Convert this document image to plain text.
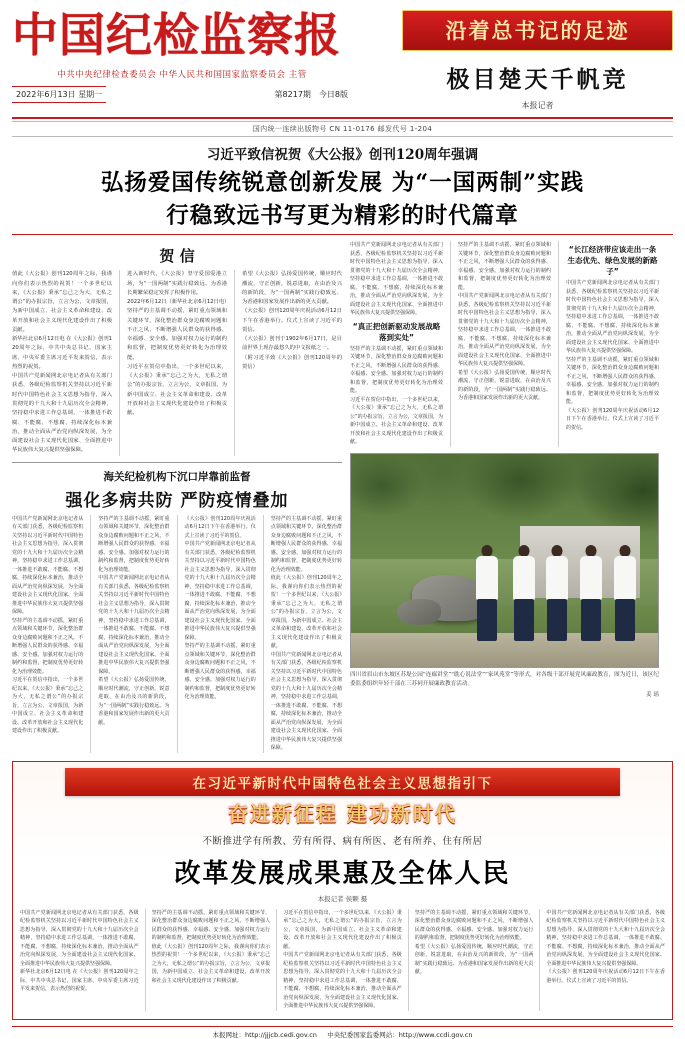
中国纪检监察报
中共中央纪律检查委员会 中华人民共和国国家监察委员会 主管
2022年6月13日 星期一	第8217期	今日8版
沿着总书记的足迹
极目楚天千帆竞
本报记者
国内统一连续出版物号 CN 11-0176 邮发代号 1-204
习近平致信祝贺《大公报》创刊120周年强调
弘扬爱国传统锐意创新发展 为“一国两制”实践
行稳致远书写更为精彩的时代篇章
贺 信
值此《大公报》创刊120周年之际，我谨向你们表示热烈的祝贺！一个多世纪以来，《大公报》秉承“忘己之为大，无私之谓公”的办报宗旨，立言为公，文章报国，为新中国成立、社会主义革命和建设、改革开放和社会主义现代化建设作出了积极贡献。
新华社北京6月12日电 在《大公报》创刊120周年之际，中共中央总书记、国家主席、中央军委主席习近平发来贺信，表示热烈的祝贺。
中国共产党新闻网北京电记者从有关部门获悉，各级纪检监察机关坚持以习近平新时代中国特色社会主义思想为指导，深入贯彻党的十九大和十九届历次全会精神，坚持稳中求进工作总基调，一体推进不敢腐、不能腐、不想腐，持续深化标本兼治，推动全面从严治党向纵深发展，为全面建设社会主义现代化国家、全面推进中华民族伟大复兴提供坚强保障。
进入新时代，《大公报》坚守爱国爱港立场，为“一国两制”实践行稳致远、为香港长期繁荣稳定发挥了积极作用。
2022年6月12日（新华社北京6月12日电）
坚持严的主基调不动摇，紧盯重点领域和关键环节，深化整治群众身边腐败问题和不正之风，不断增强人民群众的获得感、幸福感、安全感。加强对权力运行的制约和监督，把制度优势更好转化为治理效能。
习近平在贺信中指出，一个多世纪以来，《大公报》秉承“忘己之为大，无私之谓公”的办报宗旨，立言为公，文章报国，为新中国成立、社会主义革命和建设、改革开放和社会主义现代化建设作出了积极贡献。
希望《大公报》弘扬爱国传统，顺应时代潮流，守正创新，锐意进取，在由治及兴的新阶段，为“一国两制”实践行稳致远、为香港和国家发展作出新的更大贡献。
《大公报》创刊120周年庆祝活动6月12日下午在香港举行。仪式上宣读了习近平的贺信。
《大公报》创刊于1902年6月17日，是目前世界上现存最悠久的中文报纸之一。
（附习近平致《大公报》创刊120周年的贺信）
海关纪检机构下沉口岸靠前监督
强化多病共防 严防疫情叠加
中国共产党新闻网北京电记者从有关部门获悉，各级纪检监察机关坚持以习近平新时代中国特色社会主义思想为指导，深入贯彻党的十九大和十九届历次全会精神，坚持稳中求进工作总基调，一体推进不敢腐、不能腐、不想腐，持续深化标本兼治，推动全面从严治党向纵深发展，为全面建设社会主义现代化国家、全面推进中华民族伟大复兴提供坚强保障。
坚持严的主基调不动摇，紧盯重点领域和关键环节，深化整治群众身边腐败问题和不正之风，不断增强人民群众的获得感、幸福感、安全感。加强对权力运行的制约和监督，把制度优势更好转化为治理效能。
习近平在贺信中指出，一个多世纪以来，《大公报》秉承“忘己之为大，无私之谓公”的办报宗旨，立言为公，文章报国，为新中国成立、社会主义革命和建设、改革开放和社会主义现代化建设作出了积极贡献。
坚持严的主基调不动摇，紧盯重点领域和关键环节，深化整治群众身边腐败问题和不正之风，不断增强人民群众的获得感、幸福感、安全感。加强对权力运行的制约和监督，把制度优势更好转化为治理效能。
中国共产党新闻网北京电记者从有关部门获悉，各级纪检监察机关坚持以习近平新时代中国特色社会主义思想为指导，深入贯彻党的十九大和十九届历次全会精神，坚持稳中求进工作总基调，一体推进不敢腐、不能腐、不想腐，持续深化标本兼治，推动全面从严治党向纵深发展，为全面建设社会主义现代化国家、全面推进中华民族伟大复兴提供坚强保障。
希望《大公报》弘扬爱国传统，顺应时代潮流，守正创新，锐意进取，在由治及兴的新阶段，为“一国两制”实践行稳致远、为香港和国家发展作出新的更大贡献。
《大公报》创刊120周年庆祝活动6月12日下午在香港举行。仪式上宣读了习近平的贺信。
中国共产党新闻网北京电记者从有关部门获悉，各级纪检监察机关坚持以习近平新时代中国特色社会主义思想为指导，深入贯彻党的十九大和十九届历次全会精神，坚持稳中求进工作总基调，一体推进不敢腐、不能腐、不想腐，持续深化标本兼治，推动全面从严治党向纵深发展，为全面建设社会主义现代化国家、全面推进中华民族伟大复兴提供坚强保障。
坚持严的主基调不动摇，紧盯重点领域和关键环节，深化整治群众身边腐败问题和不正之风，不断增强人民群众的获得感、幸福感、安全感。加强对权力运行的制约和监督，把制度优势更好转化为治理效能。
坚持严的主基调不动摇，紧盯重点领域和关键环节，深化整治群众身边腐败问题和不正之风，不断增强人民群众的获得感、幸福感、安全感。加强对权力运行的制约和监督，把制度优势更好转化为治理效能。
值此《大公报》创刊120周年之际，我谨向你们表示热烈的祝贺！一个多世纪以来，《大公报》秉承“忘己之为大，无私之谓公”的办报宗旨，立言为公，文章报国，为新中国成立、社会主义革命和建设、改革开放和社会主义现代化建设作出了积极贡献。
中国共产党新闻网北京电记者从有关部门获悉，各级纪检监察机关坚持以习近平新时代中国特色社会主义思想为指导，深入贯彻党的十九大和十九届历次全会精神，坚持稳中求进工作总基调，一体推进不敢腐、不能腐、不想腐，持续深化标本兼治，推动全面从严治党向纵深发展，为全面建设社会主义现代化国家、全面推进中华民族伟大复兴提供坚强保障。
中国共产党新闻网北京电记者从有关部门获悉，各级纪检监察机关坚持以习近平新时代中国特色社会主义思想为指导，深入贯彻党的十九大和十九届历次全会精神，坚持稳中求进工作总基调，一体推进不敢腐、不能腐、不想腐，持续深化标本兼治，推动全面从严治党向纵深发展，为全面建设社会主义现代化国家、全面推进中华民族伟大复兴提供坚强保障。
“真正把创新驱动发展战略落到实处”
坚持严的主基调不动摇，紧盯重点领域和关键环节，深化整治群众身边腐败问题和不正之风，不断增强人民群众的获得感、幸福感、安全感。加强对权力运行的制约和监督，把制度优势更好转化为治理效能。
习近平在贺信中指出，一个多世纪以来，《大公报》秉承“忘己之为大，无私之谓公”的办报宗旨，立言为公，文章报国，为新中国成立、社会主义革命和建设、改革开放和社会主义现代化建设作出了积极贡献。
坚持严的主基调不动摇，紧盯重点领域和关键环节，深化整治群众身边腐败问题和不正之风，不断增强人民群众的获得感、幸福感、安全感。加强对权力运行的制约和监督，把制度优势更好转化为治理效能。
中国共产党新闻网北京电记者从有关部门获悉，各级纪检监察机关坚持以习近平新时代中国特色社会主义思想为指导，深入贯彻党的十九大和十九届历次全会精神，坚持稳中求进工作总基调，一体推进不敢腐、不能腐、不想腐，持续深化标本兼治，推动全面从严治党向纵深发展，为全面建设社会主义现代化国家、全面推进中华民族伟大复兴提供坚强保障。
希望《大公报》弘扬爱国传统，顺应时代潮流，守正创新，锐意进取，在由治及兴的新阶段，为“一国两制”实践行稳致远、为香港和国家发展作出新的更大贡献。
“长江经济带应该走出一条生态优先、绿色发展的新路子”
中国共产党新闻网北京电记者从有关部门获悉，各级纪检监察机关坚持以习近平新时代中国特色社会主义思想为指导，深入贯彻党的十九大和十九届历次全会精神，坚持稳中求进工作总基调，一体推进不敢腐、不能腐、不想腐，持续深化标本兼治，推动全面从严治党向纵深发展，为全面建设社会主义现代化国家、全面推进中华民族伟大复兴提供坚强保障。
坚持严的主基调不动摇，紧盯重点领域和关键环节，深化整治群众身边腐败问题和不正之风，不断增强人民群众的获得感、幸福感、安全感。加强对权力运行的制约和监督，把制度优势更好转化为治理效能。
《大公报》创刊120周年庆祝活动6月12日下午在香港举行。仪式上宣读了习近平的贺信。
四川省眉山市东坡区苏堤公园“连廊讲堂”“耽心说法堂”“家风苑堂”等形式，对各级干部开展党风廉政教育，图为近日，该区纪委监委组织年轻干部在三苏祠开展廉政教育活动。
姜 瑶
在习近平新时代中国特色社会主义思想指引下
奋进新征程 建功新时代
不断推进学有所教、劳有所得、病有所医、老有所养、住有所居
改革发展成果惠及全体人民
本报记者 侯颗 摄
中国共产党新闻网北京电记者从有关部门获悉，各级纪检监察机关坚持以习近平新时代中国特色社会主义思想为指导，深入贯彻党的十九大和十九届历次全会精神，坚持稳中求进工作总基调，一体推进不敢腐、不能腐、不想腐，持续深化标本兼治，推动全面从严治党向纵深发展，为全面建设社会主义现代化国家、全面推进中华民族伟大复兴提供坚强保障。
新华社北京6月12日电 在《大公报》创刊120周年之际，中共中央总书记、国家主席、中央军委主席习近平发来贺信，表示热烈的祝贺。
坚持严的主基调不动摇，紧盯重点领域和关键环节，深化整治群众身边腐败问题和不正之风，不断增强人民群众的获得感、幸福感、安全感。加强对权力运行的制约和监督，把制度优势更好转化为治理效能。
值此《大公报》创刊120周年之际，我谨向你们表示热烈的祝贺！一个多世纪以来，《大公报》秉承“忘己之为大，无私之谓公”的办报宗旨，立言为公，文章报国，为新中国成立、社会主义革命和建设、改革开放和社会主义现代化建设作出了积极贡献。
习近平在贺信中指出，一个多世纪以来，《大公报》秉承“忘己之为大，无私之谓公”的办报宗旨，立言为公，文章报国，为新中国成立、社会主义革命和建设、改革开放和社会主义现代化建设作出了积极贡献。
中国共产党新闻网北京电记者从有关部门获悉，各级纪检监察机关坚持以习近平新时代中国特色社会主义思想为指导，深入贯彻党的十九大和十九届历次全会精神，坚持稳中求进工作总基调，一体推进不敢腐、不能腐、不想腐，持续深化标本兼治，推动全面从严治党向纵深发展，为全面建设社会主义现代化国家、全面推进中华民族伟大复兴提供坚强保障。
坚持严的主基调不动摇，紧盯重点领域和关键环节，深化整治群众身边腐败问题和不正之风，不断增强人民群众的获得感、幸福感、安全感。加强对权力运行的制约和监督，把制度优势更好转化为治理效能。
希望《大公报》弘扬爱国传统，顺应时代潮流，守正创新，锐意进取，在由治及兴的新阶段，为“一国两制”实践行稳致远、为香港和国家发展作出新的更大贡献。
中国共产党新闻网北京电记者从有关部门获悉，各级纪检监察机关坚持以习近平新时代中国特色社会主义思想为指导，深入贯彻党的十九大和十九届历次全会精神，坚持稳中求进工作总基调，一体推进不敢腐、不能腐、不想腐，持续深化标本兼治，推动全面从严治党向纵深发展，为全面建设社会主义现代化国家、全面推进中华民族伟大复兴提供坚强保障。
《大公报》创刊120周年庆祝活动6月12日下午在香港举行。仪式上宣读了习近平的贺信。
本报网址：http://jjjcb.cedi.gov.cn 中央纪委国家监委网站：http://www.ccdi.gov.cn
